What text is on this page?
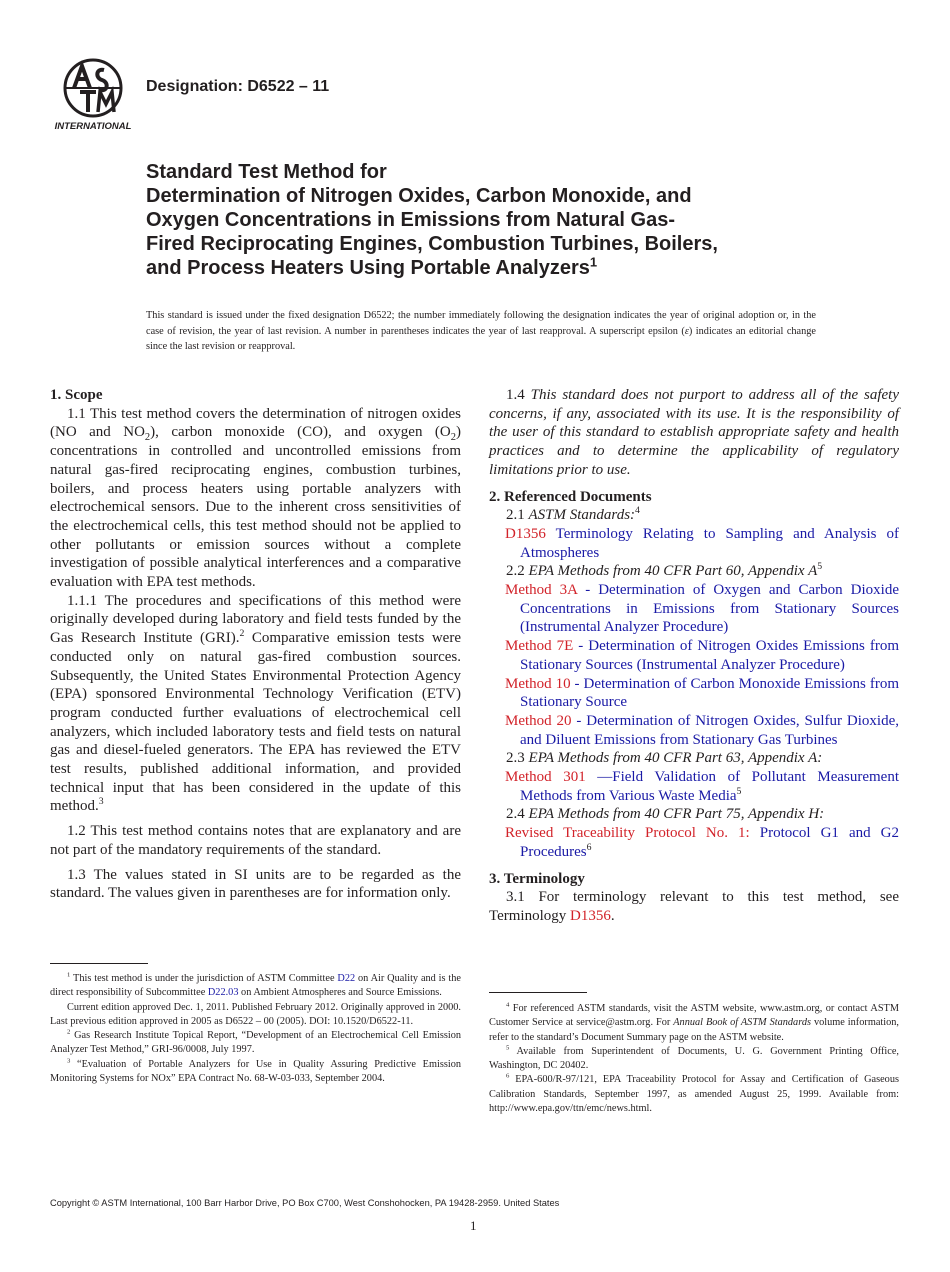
INTERNATIONAL
Designation: D6522 – 11
Standard Test Method for
Determination of Nitrogen Oxides, Carbon Monoxide, and
Oxygen Concentrations in Emissions from Natural Gas-
Fired Reciprocating Engines, Combustion Turbines, Boilers,
and Process Heaters Using Portable Analyzers$^1$
This standard is issued under the fixed designation D6522; the number immediately following the designation indicates the year of original adoption or, in the case of revision, the year of last revision. A number in parentheses indicates the year of last reapproval. A superscript epsilon (ε) indicates an editorial change since the last revision or reapproval.

1. Scope

1.1 This test method covers the determination of nitrogen oxides (NO and $NO_2$), carbon monoxide (CO), and oxygen $(O_2)$ concentrations in controlled and uncontrolled emissions from natural gas-fired reciprocating engines, combustion turbines, boilers, and process heaters using portable analyzers with electrochemical sensors. Due to the inherent cross sensitivities of the electrochemical cells, this test method should not be applied to other pollutants or emission sources without a complete investigation of possible analytical interferences and a comparative evaluation with EPA test methods.

1.1.1 The procedures and specifications of this method were originally developed during laboratory and field tests funded by the Gas Research Institute (GRI).$^2$ Comparative emission tests were conducted only on natural gas-fired combustion sources. Subsequently, the United States Environmental Protection Agency (EPA) sponsored Environmental Technology Verification (ETV) program conducted further evaluations of electrochemical cell analyzers, which included laboratory tests and field tests on natural gas and diesel-fueled generators. The EPA has reviewed the ETV test results, published additional information, and provided technical input that has been considered in the update of this method.$^3$

1.2 This test method contains notes that are explanatory and are not part of the mandatory requirements of the standard.

1.3 The values stated in SI units are to be regarded as the standard. The values given in parentheses are for information only.

1.4 This standard does not purport to address all of the safety concerns, if any, associated with its use. It is the responsibility of the user of this standard to establish appropriate safety and health practices and to determine the applicability of regulatory limitations prior to use.

2. Referenced Documents

2.1 ASTM Standards:$^4$

D1356 Terminology Relating to Sampling and Analysis of Atmospheres

2.2 EPA Methods from 40 CFR Part 60, Appendix $A^5$

Method 3A - Determination of Oxygen and Carbon Dioxide Concentrations in Emissions from Stationary Sources (Instrumental Analyzer Procedure)

Method 7E - Determination of Nitrogen Oxides Emissions from Stationary Sources (Instrumental Analyzer Procedure)

Method 10 - Determination of Carbon Monoxide Emissions from Stationary Source

Method 20 - Determination of Nitrogen Oxides, Sulfur Dioxide, and Diluent Emissions from Stationary Gas Turbines

2.3 EPA Methods from 40 CFR Part 63, Appendix A:

Method 301 —Field Validation of Pollutant Measurement Methods from Various Waste Media$^5$

2.4 EPA Methods from 40 CFR Part 75, Appendix H:

Revised Traceability Protocol No. 1: Protocol G1 and G2 Procedures$^6$

3. Terminology

3.1 For terminology relevant to this test method, see Terminology D1356.

$^1$ This test method is under the jurisdiction of ASTM Committee D22 on Air Quality and is the direct responsibility of Subcommittee D22.03 on Ambient Atmospheres and Source Emissions.

Current edition approved Dec. 1, 2011. Published February 2012. Originally approved in 2000. Last previous edition approved in 2005 as D6522 – 00 (2005). DOI: 10.1520/D6522-11.

$^2$ Gas Research Institute Topical Report, “Development of an Electrochemical Cell Emission Analyzer Test Method,” GRI-96/0008, July 1997.

$^3$ “Evaluation of Portable Analyzers for Use in Quality Assuring Predictive Emission Monitoring Systems for NOx” EPA Contract No. 68-W-03-033, September 2004.

$^4$ For referenced ASTM standards, visit the ASTM website, www.astm.org, or contact ASTM Customer Service at service@astm.org. For Annual Book of ASTM Standards volume information, refer to the standard’s Document Summary page on the ASTM website.

$^5$ Available from Superintendent of Documents, U. G. Government Printing Office, Washington, DC 20402.

$^6$ EPA-600/R-97/121, EPA Traceability Protocol for Assay and Certification of Gaseous Calibration Standards, September 1997, as amended August 25, 1999. Available from: http://www.epa.gov/ttn/emc/news.html.

Copyright © ASTM International, 100 Barr Harbor Drive, PO Box C700, West Conshohocken, PA 19428-2959. United States
1
